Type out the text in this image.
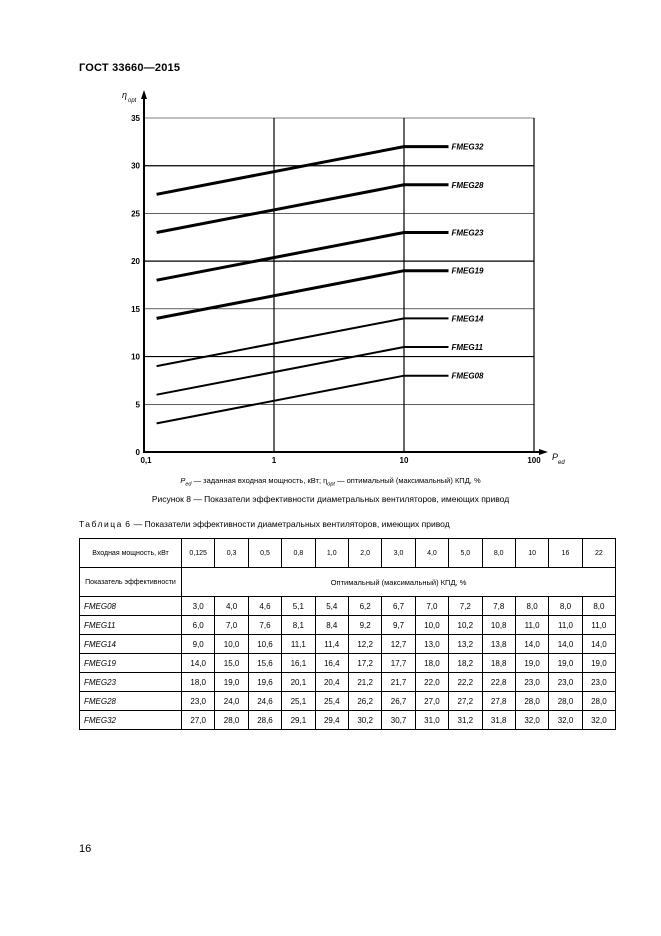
ГОСТ 33660—2015
0
5
10
15
20
25
30
35
0,1	1	10	100
η
opt
P
ed
FMEG32
FMEG28
FMEG23
FMEG19
FMEG14
FMEG11
FMEG08
$P_{ed}$ — заданная входная мощность, кВт; $\eta_{opt}$ — оптимальный (максимальный) КПД, %
Рисунок 8 — Показатели эффективности диаметральных вентиляторов, имеющих привод
Таблица 6 — Показатели эффективности диаметральных вентиляторов, имеющих привод
Входная мощность, кВт	0,125	0,3	0,5	0,8	1,0	2,0	3,0	4,0	5,0	8,0	10	16	22
Показатель эффективности	Оптимальный (максимальный) КПД, %												
FMEG08	3,0	4,0	4,6	5,1	5,4	6,2	6,7	7,0	7,2	7,8	8,0	8,0	8,0
FMEG11	6,0	7,0	7,6	8,1	8,4	9,2	9,7	10,0	10,2	10,8	11,0	11,0	11,0
FMEG14	9,0	10,0	10,6	11,1	11,4	12,2	12,7	13,0	13,2	13,8	14,0	14,0	14,0
FMEG19	14,0	15,0	15,6	16,1	16,4	17,2	17,7	18,0	18,2	18,8	19,0	19,0	19,0
FMEG23	18,0	19,0	19,6	20,1	20,4	21,2	21,7	22,0	22,2	22,8	23,0	23,0	23,0
FMEG28	23,0	24,0	24,6	25,1	25,4	26,2	26,7	27,0	27,2	27,8	28,0	28,0	28,0
FMEG32	27,0	28,0	28,6	29,1	29,4	30,2	30,7	31,0	31,2	31,8	32,0	32,0	32,0
16
